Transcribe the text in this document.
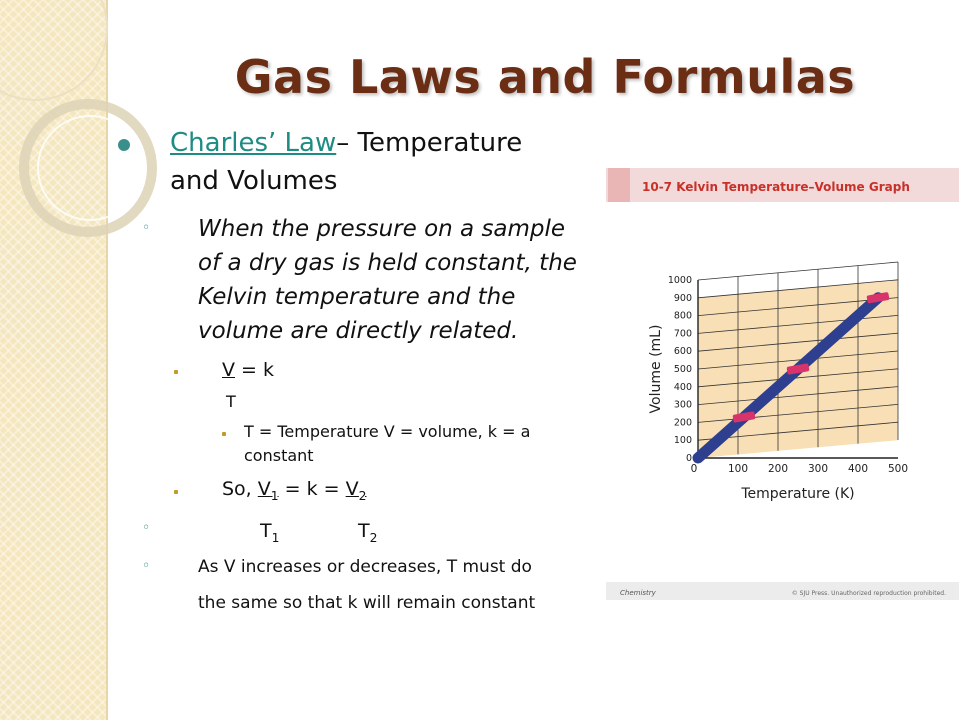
Gas Laws and Formulas
Charles’ Law– Temperature
and Volumes
◦ When the pressure on a sample
of a dry gas is held constant, the
Kelvin temperature and the
volume are directly related.
V = k
T
T = Temperature V = volume, k = a
constant
So, $V_1 = k = V_2$
◦	$T_1$	$T_2$
◦	As V increases or decreases, T must do
the same so that k will remain constant
10-7 Kelvin Temperature–Volume Graph
0
100
200
300
400
500
600
700
800
900
1000
0	100 200 300 400 500
Temperature (K)
Volume (mL)
Chemistry	© SJU Press. Unauthorized reproduction prohibited.
